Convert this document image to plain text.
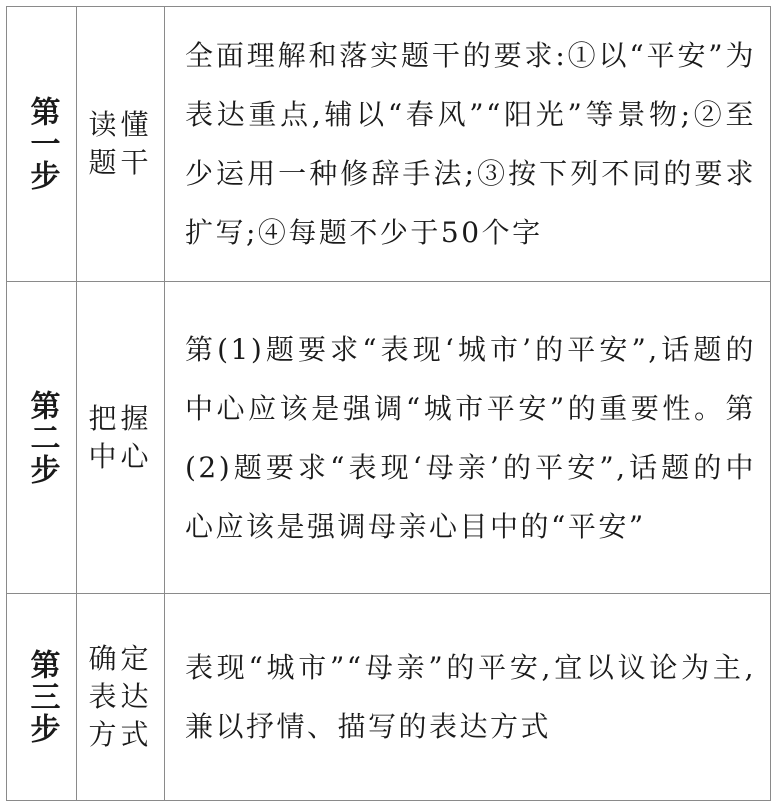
第一步	读懂题干	全面理解和落实题干的要求:①以“平安”为表达重点,辅以“春风”“阳光”等景物;②至少运用一种修辞手法;③按下列不同的要求扩写;④每题不少于50个字

第二步	把握中心	第(1)题要求“表现‘城市’的平安”,话题的中心应该是强调“城市平安”的重要性。第(2)题要求“表现‘母亲’的平安”,话题的中心应该是强调母亲心目中的“平安”

第三步	确定表达方式	表现“城市”“母亲”的平安,宜以议论为主,兼以抒情、描写的表达方式
